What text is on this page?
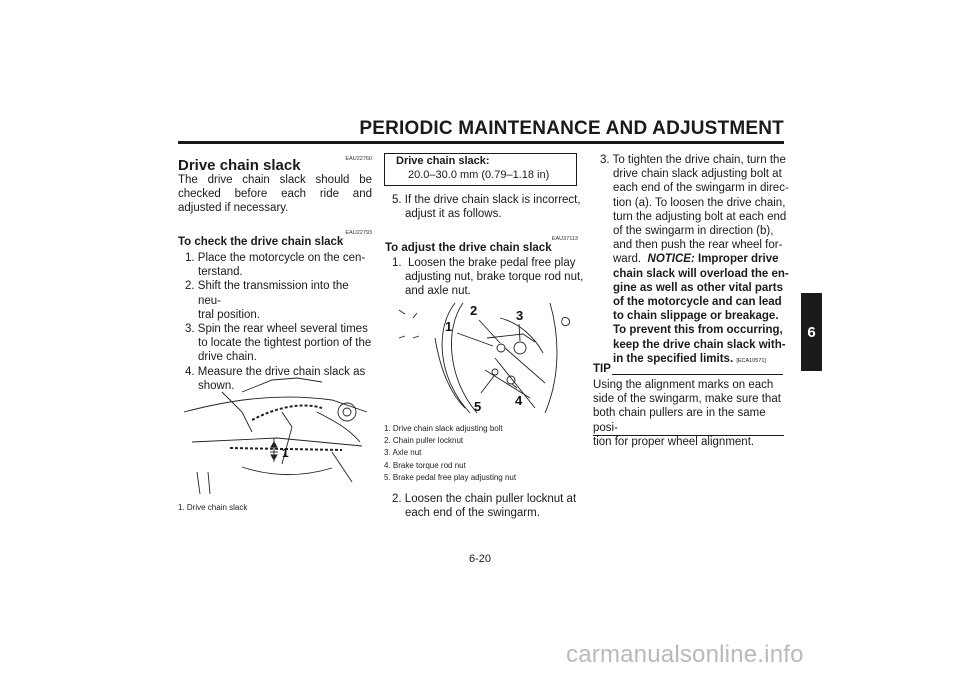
PERIODIC MAINTENANCE AND ADJUSTMENT
6
EAU22760
Drive chain slack
The drive chain slack should be checked before each ride and adjusted if necessary.
EAU22793
To check the drive chain slack
1. Place the motorcycle on the cen-
terstand.
2. Shift the transmission into the neu-
tral position.
3. Spin the rear wheel several times
to locate the tightest portion of the
drive chain.
4. Measure the drive chain slack as
shown.
1
1. Drive chain slack
Drive chain slack:
20.0–30.0 mm (0.79–1.18 in)
5. If the drive chain slack is incorrect,
adjust it as follows.
EAU37113
To adjust the drive chain slack
1. Loosen the brake pedal free play
adjusting nut, brake torque rod nut,
and axle nut.
1
2	3
4
5
1. Drive chain slack adjusting bolt
2. Chain puller locknut
3. Axle nut
4. Brake torque rod nut
5. Brake pedal free play adjusting nut
2. Loosen the chain puller locknut at
each end of the swingarm.
3. To tighten the drive chain, turn the
drive chain slack adjusting bolt at
each end of the swingarm in direc-
tion (a). To loosen the drive chain,
turn the adjusting bolt at each end
of the swingarm in direction (b),
and then push the rear wheel for-
ward. NOTICE: Improper drive
chain slack will overload the en-
gine as well as other vital parts
of the motorcycle and can lead
to chain slippage or breakage.
To prevent this from occurring,
keep the drive chain slack with-
in the specified limits. [ECA10571]
TIP
Using the alignment marks on each
side of the swingarm, make sure that
both chain pullers are in the same posi-
tion for proper wheel alignment.
6-20
carmanualsonline.info
